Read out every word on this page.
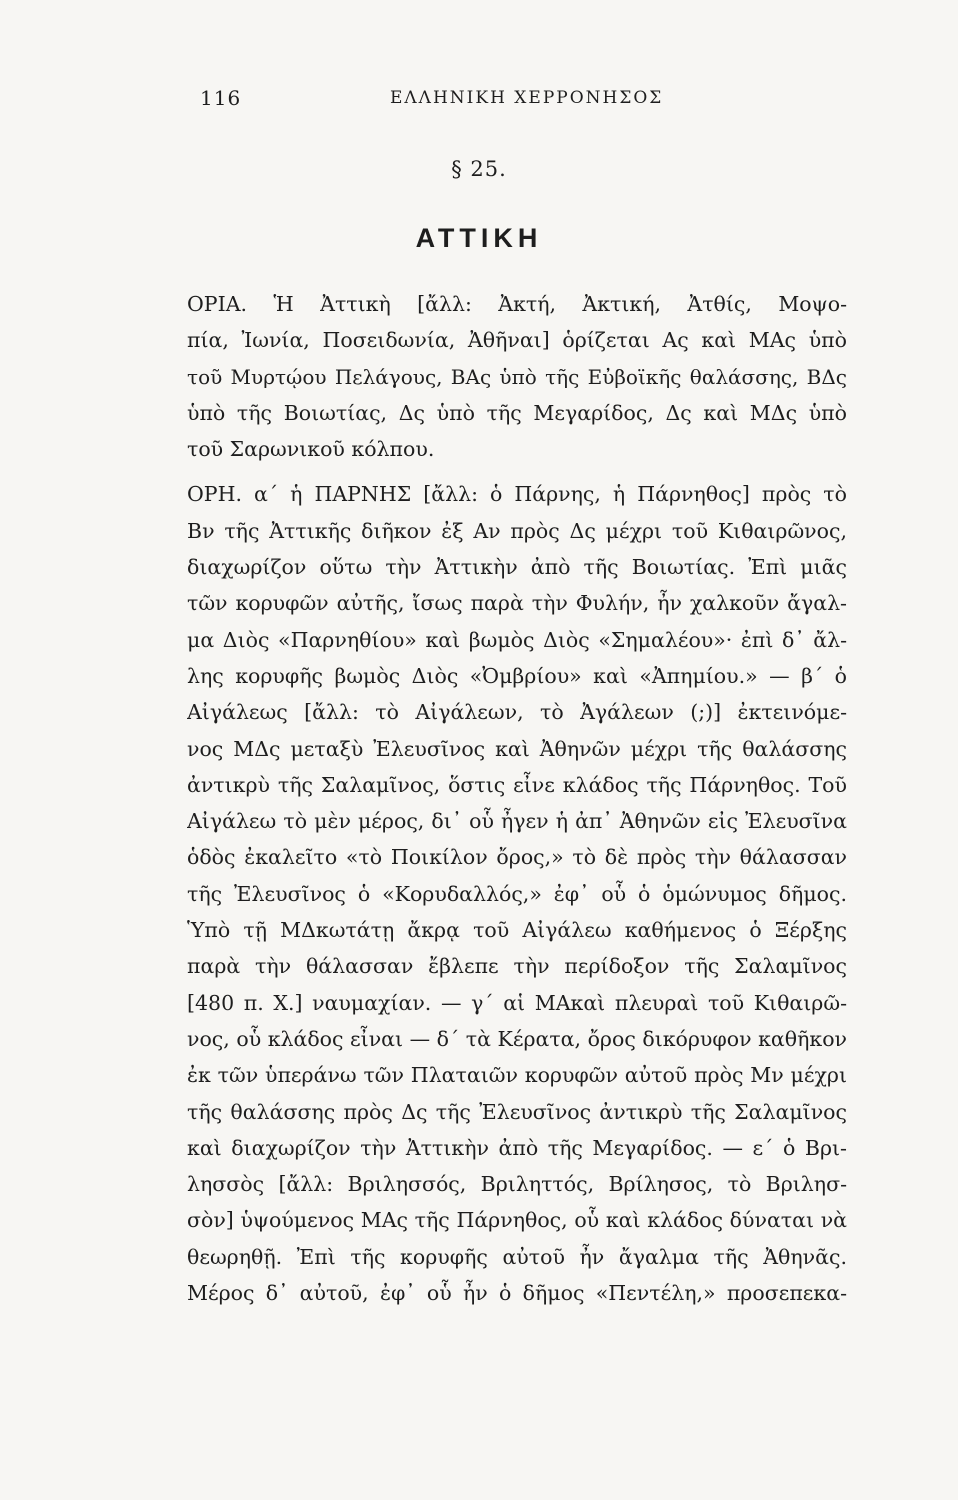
116	ΕΛΛΗΝΙΚΗ ΧΕΡΡΟΝΗΣΟΣ
§ 25.
ΑΤΤΙΚΗ
ΟΡΙΑ. Ἡ Ἀττικὴ [ἄλλ: Ἀκτή, Ἀκτική, Ἀτθίς, Μοψο-
πία, Ἰωνία, Ποσειδωνία, Ἀθῆναι] ὁρίζεται Ας καὶ ΜΑς ὑπὸ
τοῦ Μυρτῴου Πελάγους, ΒΑς ὑπὸ τῆς Εὐβοϊκῆς θαλάσσης, ΒΔς
ὑπὸ τῆς Βοιωτίας, Δς ὑπὸ τῆς Μεγαρίδος, Δς καὶ ΜΔς ὑπὸ
τοῦ Σαρωνικοῦ κόλπου.
ΟΡΗ. α΄ ἡ ΠΑΡΝΗΣ [ἄλλ: ὁ Πάρνης, ἡ Πάρνηθος] πρὸς τὸ
Βν τῆς Ἀττικῆς διῆκον ἐξ Αν πρὸς Δς μέχρι τοῦ Κιθαιρῶνος,
διαχωρίζον οὕτω τὴν Ἀττικὴν ἀπὸ τῆς Βοιωτίας. Ἐπὶ μιᾶς
τῶν κορυφῶν αὐτῆς, ἴσως παρὰ τὴν Φυλήν, ἦν χαλκοῦν ἄγαλ-
μα Διὸς «Παρνηθίου» καὶ βωμὸς Διὸς «Σημαλέου»· ἐπὶ δ᾿ ἄλ-
λης κορυφῆς βωμὸς Διὸς «Ὀμβρίου» καὶ «Ἀπημίου.» — β΄ ὁ
Αἰγάλεως [ἄλλ: τὸ Αἰγάλεων, τὸ Ἀγάλεων (;)] ἐκτεινόμε-
νος ΜΔς μεταξὺ Ἐλευσῖνος καὶ Ἀθηνῶν μέχρι τῆς θαλάσσης
ἀντικρὺ τῆς Σαλαμῖνος, ὅστις εἶνε κλάδος τῆς Πάρνηθος. Τοῦ
Αἰγάλεω τὸ μὲν μέρος, δι᾿ οὗ ἦγεν ἡ ἀπ᾿ Ἀθηνῶν εἰς Ἐλευσῖνα
ὁδὸς ἐκαλεῖτο «τὸ Ποικίλον ὄρος,» τὸ δὲ πρὸς τὴν θάλασσαν
τῆς Ἐλευσῖνος ὁ «Κορυδαλλός,» ἐφ᾿ οὗ ὁ ὁμώνυμος δῆμος.
Ὑπὸ τῇ ΜΔκωτάτῃ ἄκρᾳ τοῦ Αἰγάλεω καθήμενος ὁ Ξέρξης
παρὰ τὴν θάλασσαν ἔβλεπε τὴν περίδοξον τῆς Σαλαμῖνος
[480 π. Χ.] ναυμαχίαν. — γ΄ αἱ ΜΑκαὶ πλευραὶ τοῦ Κιθαιρῶ-
νος, οὗ κλάδος εἶναι — δ΄ τὰ Κέρατα, ὄρος δικόρυφον καθῆκον
ἐκ τῶν ὑπεράνω τῶν Πλαταιῶν κορυφῶν αὐτοῦ πρὸς Μν μέχρι
τῆς θαλάσσης πρὸς Δς τῆς Ἐλευσῖνος ἀντικρὺ τῆς Σαλαμῖνος
καὶ διαχωρίζον τὴν Ἀττικὴν ἀπὸ τῆς Μεγαρίδος. — ε΄ ὁ Βρι-
λησσὸς [ἄλλ: Βριλησσός, Βριληττός, Βρίλησος, τὸ Βριλησ-
σὸν] ὑψούμενος ΜΑς τῆς Πάρνηθος, οὗ καὶ κλάδος δύναται νὰ
θεωρηθῇ. Ἐπὶ τῆς κορυφῆς αὐτοῦ ἦν ἄγαλμα τῆς Ἀθηνᾶς.
Μέρος δ᾿ αὐτοῦ, ἐφ᾿ οὗ ἦν ὁ δῆμος «Πεντέλη,» προσεπεκα-
